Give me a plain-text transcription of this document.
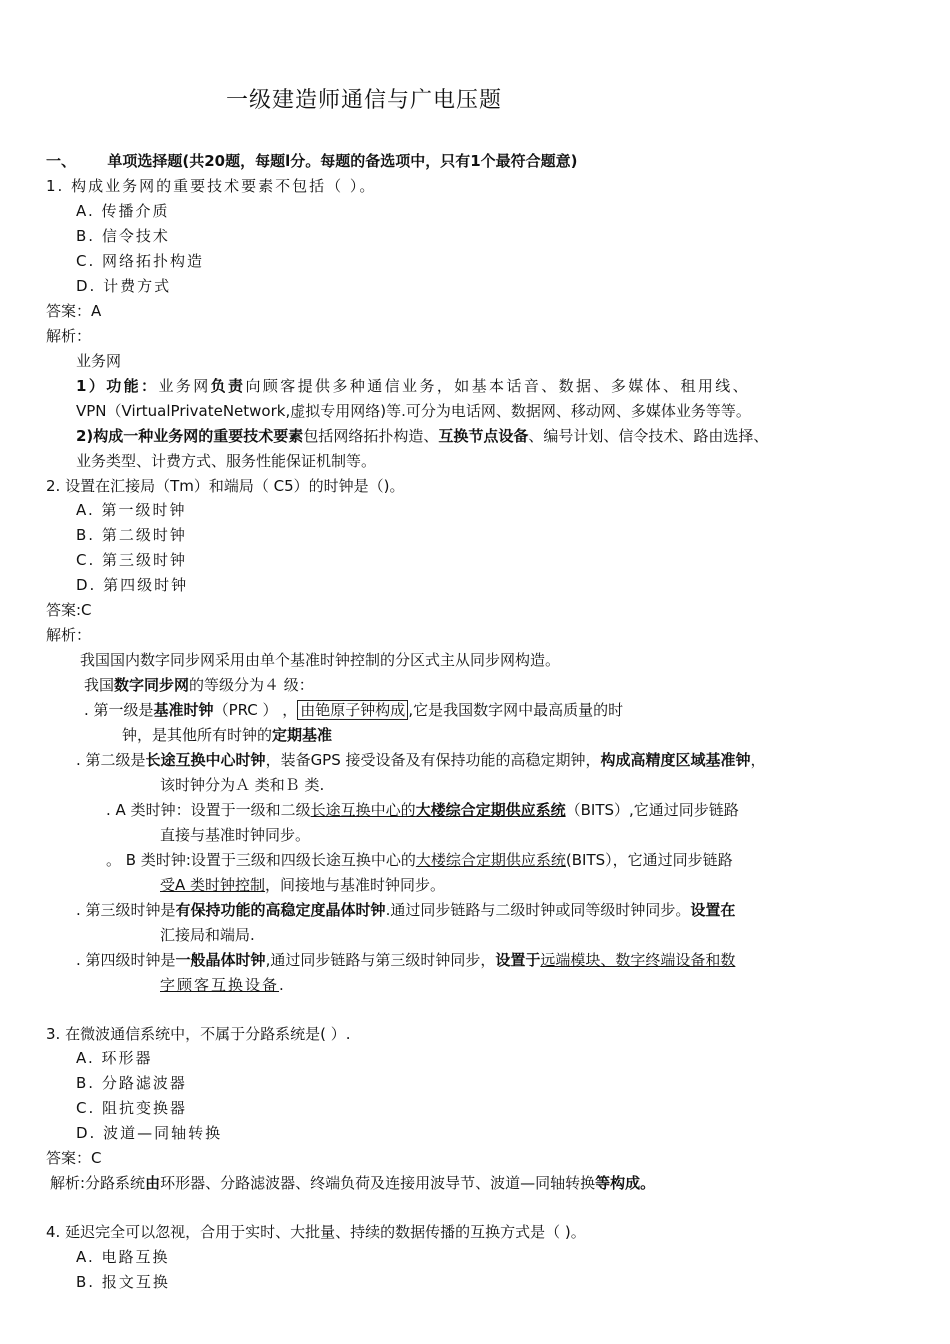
一级建造师通信与广电压题
一、      单项选择题(共20题，每题l分。每题的备选项中，只有1个最符合题意)
1. 构成业务网的重要技术要素不包括（ ）。
A. 传播介质
B. 信令技术
C. 网络拓扑构造
D. 计费方式
答案：A
解析：
业务网
1）功能：业务网负责向顾客提供多种通信业务，如基本话音、数据、多媒体、租用线、
VPN（VirtualPrivateNetwork,虚拟专用网络)等.可分为电话网、数据网、移动网、多媒体业务等等。
2)构成一种业务网的重要技术要素包括网络拓扑构造、互换节点设备、编号计划、信令技术、路由选择、
业务类型、计费方式、服务性能保证机制等。
2. 设置在汇接局（Tm）和端局（ C5）的时钟是（)。
A. 第一级时钟
B. 第二级时钟
C. 第三级时钟
D. 第四级时钟
答案:C
解析：
我国国内数字同步网采用由单个基准时钟控制的分区式主从同步网构造。
我国数字同步网的等级分为４ 级：
. 第一级是基准时钟（PRC ） ， 由铯原子钟构成 ,它是我国数字网中最高质量的时
钟，是其他所有时钟的定期基准
. 第二级是长途互换中心时钟，装备GPS 接受设备及有保持功能的高稳定期钟，构成高精度区域基准钟，
该时钟分为Ａ 类和Ｂ 类.
. A 类时钟：设置于一级和二级长途互换中心的大楼综合定期供应系统（BITS）,它通过同步链路
直接与基准时钟同步。
。 B 类时钟:设置于三级和四级长途互换中心的大楼综合定期供应系统(BITS），它通过同步链路
受A 类时钟控制，间接地与基准时钟同步。
. 第三级时钟是有保持功能的高稳定度晶体时钟.通过同步链路与二级时钟或同等级时钟同步。设置在
汇接局和端局.
. 第四级时钟是一般晶体时钟,通过同步链路与第三级时钟同步，设置于远端模块、数字终端设备和数
字顾客互换设备.
3. 在微波通信系统中，不属于分路系统是( ）.
A. 环形器
B. 分路滤波器
C. 阻抗变换器
D. 波道—同轴转换
答案：C
解析:分路系统由环形器、分路滤波器、终端负荷及连接用波导节、波道—同轴转换等构成。
4. 延迟完全可以忽视，合用于实时、大批量、持续的数据传播的互换方式是（ )。
A. 电路互换
B. 报文互换
